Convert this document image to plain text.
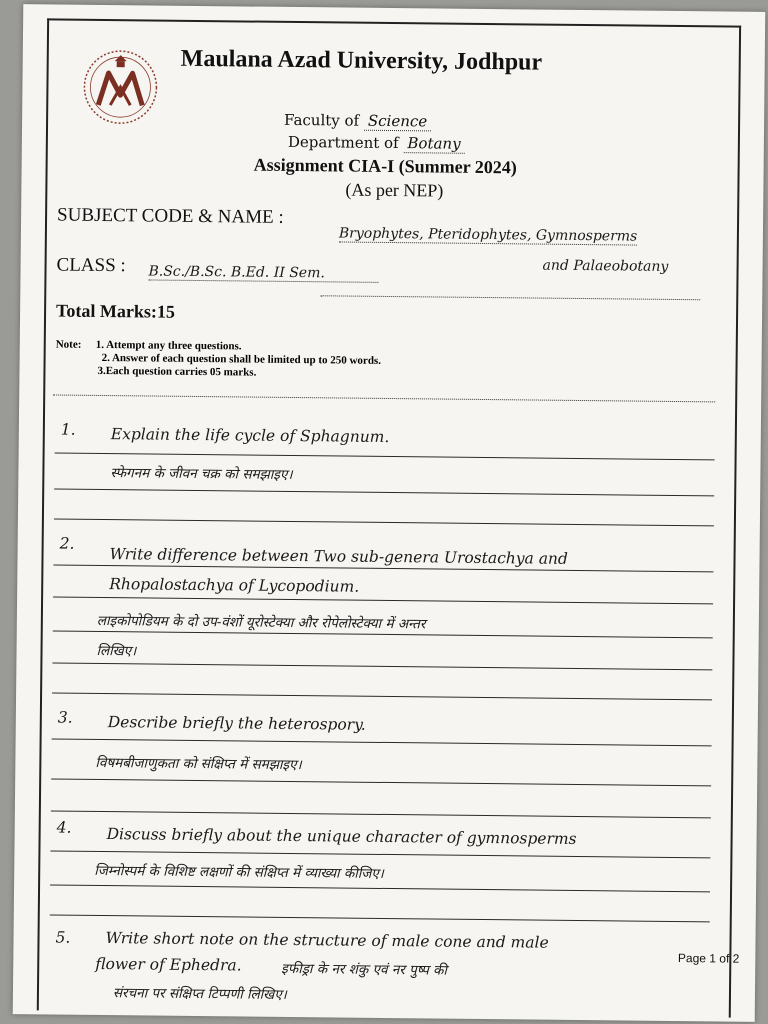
Maulana Azad University, Jodhpur
Faculty of Science
Department of Botany
Assignment CIA-I (Summer 2024)
(As per NEP)
SUBJECT CODE & NAME :
Bryophytes, Pteridophytes, Gymnosperms
and Palaeobotany
CLASS : B.Sc./B.Sc. B.Ed. II Sem.
Total Marks:15
Note: 1. Attempt any three questions.
2. Answer of each question shall be limited up to 250 words.
3.Each question carries 05 marks.
1. Explain the life cycle of Sphagnum.
स्फेगनम के जीवन चक्र को समझाइए।
2.
Write difference between Two sub-genera Urostachya and
Rhopalostachya of Lycopodium.
लाइकोपोडियम के दो उप-वंशों यूरोस्टेक्या और रोपेलोस्टेक्या में अन्तर
लिखिए।
3. Describe briefly the heterospory.
विषमबीजाणुकता को संक्षिप्त में समझाइए।
4. Discuss briefly about the unique character of gymnosperms
जिम्नोस्पर्म के विशिष्ट लक्षणों की संक्षिप्त में व्याख्या कीजिए।
5. Write short note on the structure of male cone and male
flower of Ephedra.	इफीड्रा के नर शंकु एवं नर पुष्प की
संरचना पर संक्षिप्त टिप्पणी लिखिए।
Page 1 of 2
